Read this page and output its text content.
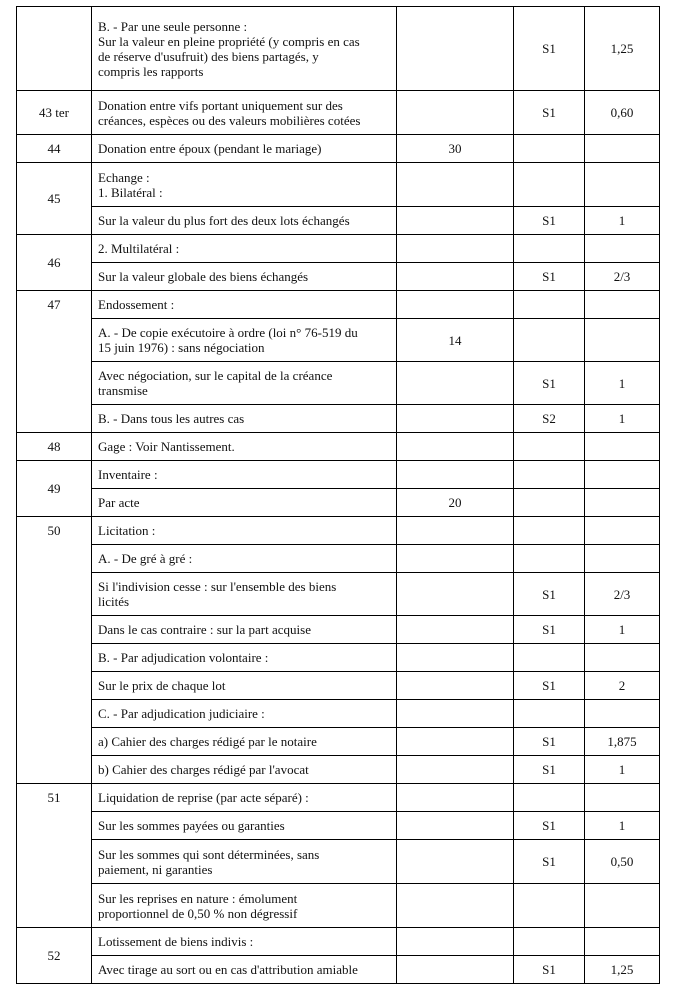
	B. - Par une seule personne :
Sur la valeur en pleine propriété (y compris en cas
de réserve d'usufruit) des biens partagés, y
compris les rapports		S1	1,25
43 ter	Donation entre vifs portant uniquement sur des
créances, espèces ou des valeurs mobilières cotées		S1	0,60
44	Donation entre époux (pendant le mariage)	30		
45	Echange :
1. Bilatéral :			

	Sur la valeur du plus fort des deux lots échangés		S1	1
46	2. Multilatéral :			

	Sur la valeur globale des biens échangés		S1	2/3
47	Endossement :			

	A. - De copie exécutoire à ordre (loi n° 76-519 du
15 juin 1976) : sans négociation	14		

	Avec négociation, sur le capital de la créance
transmise		S1	1

	B. - Dans tous les autres cas		S2	1
48	Gage : Voir Nantissement.			

49	Inventaire :			

	Par acte	20		
50	Licitation :			

	A. - De gré à gré :			

	Si l'indivision cesse : sur l'ensemble des biens
licités		S1	2/3

	Dans le cas contraire : sur la part acquise		S1	1

	B. - Par adjudication volontaire :			

	Sur le prix de chaque lot		S1	2

	C. - Par adjudication judiciaire :			

	a) Cahier des charges rédigé par le notaire		S1	1,875

	b) Cahier des charges rédigé par l'avocat		S1	1
51	Liquidation de reprise (par acte séparé) :			

	Sur les sommes payées ou garanties		S1	1

	Sur les sommes qui sont déterminées, sans
paiement, ni garanties		S1	0,50

	Sur les reprises en nature : émolument
proportionnel de 0,50 % non dégressif			

52	Lotissement de biens indivis :			

	Avec tirage au sort ou en cas d'attribution amiable		S1	1,25
